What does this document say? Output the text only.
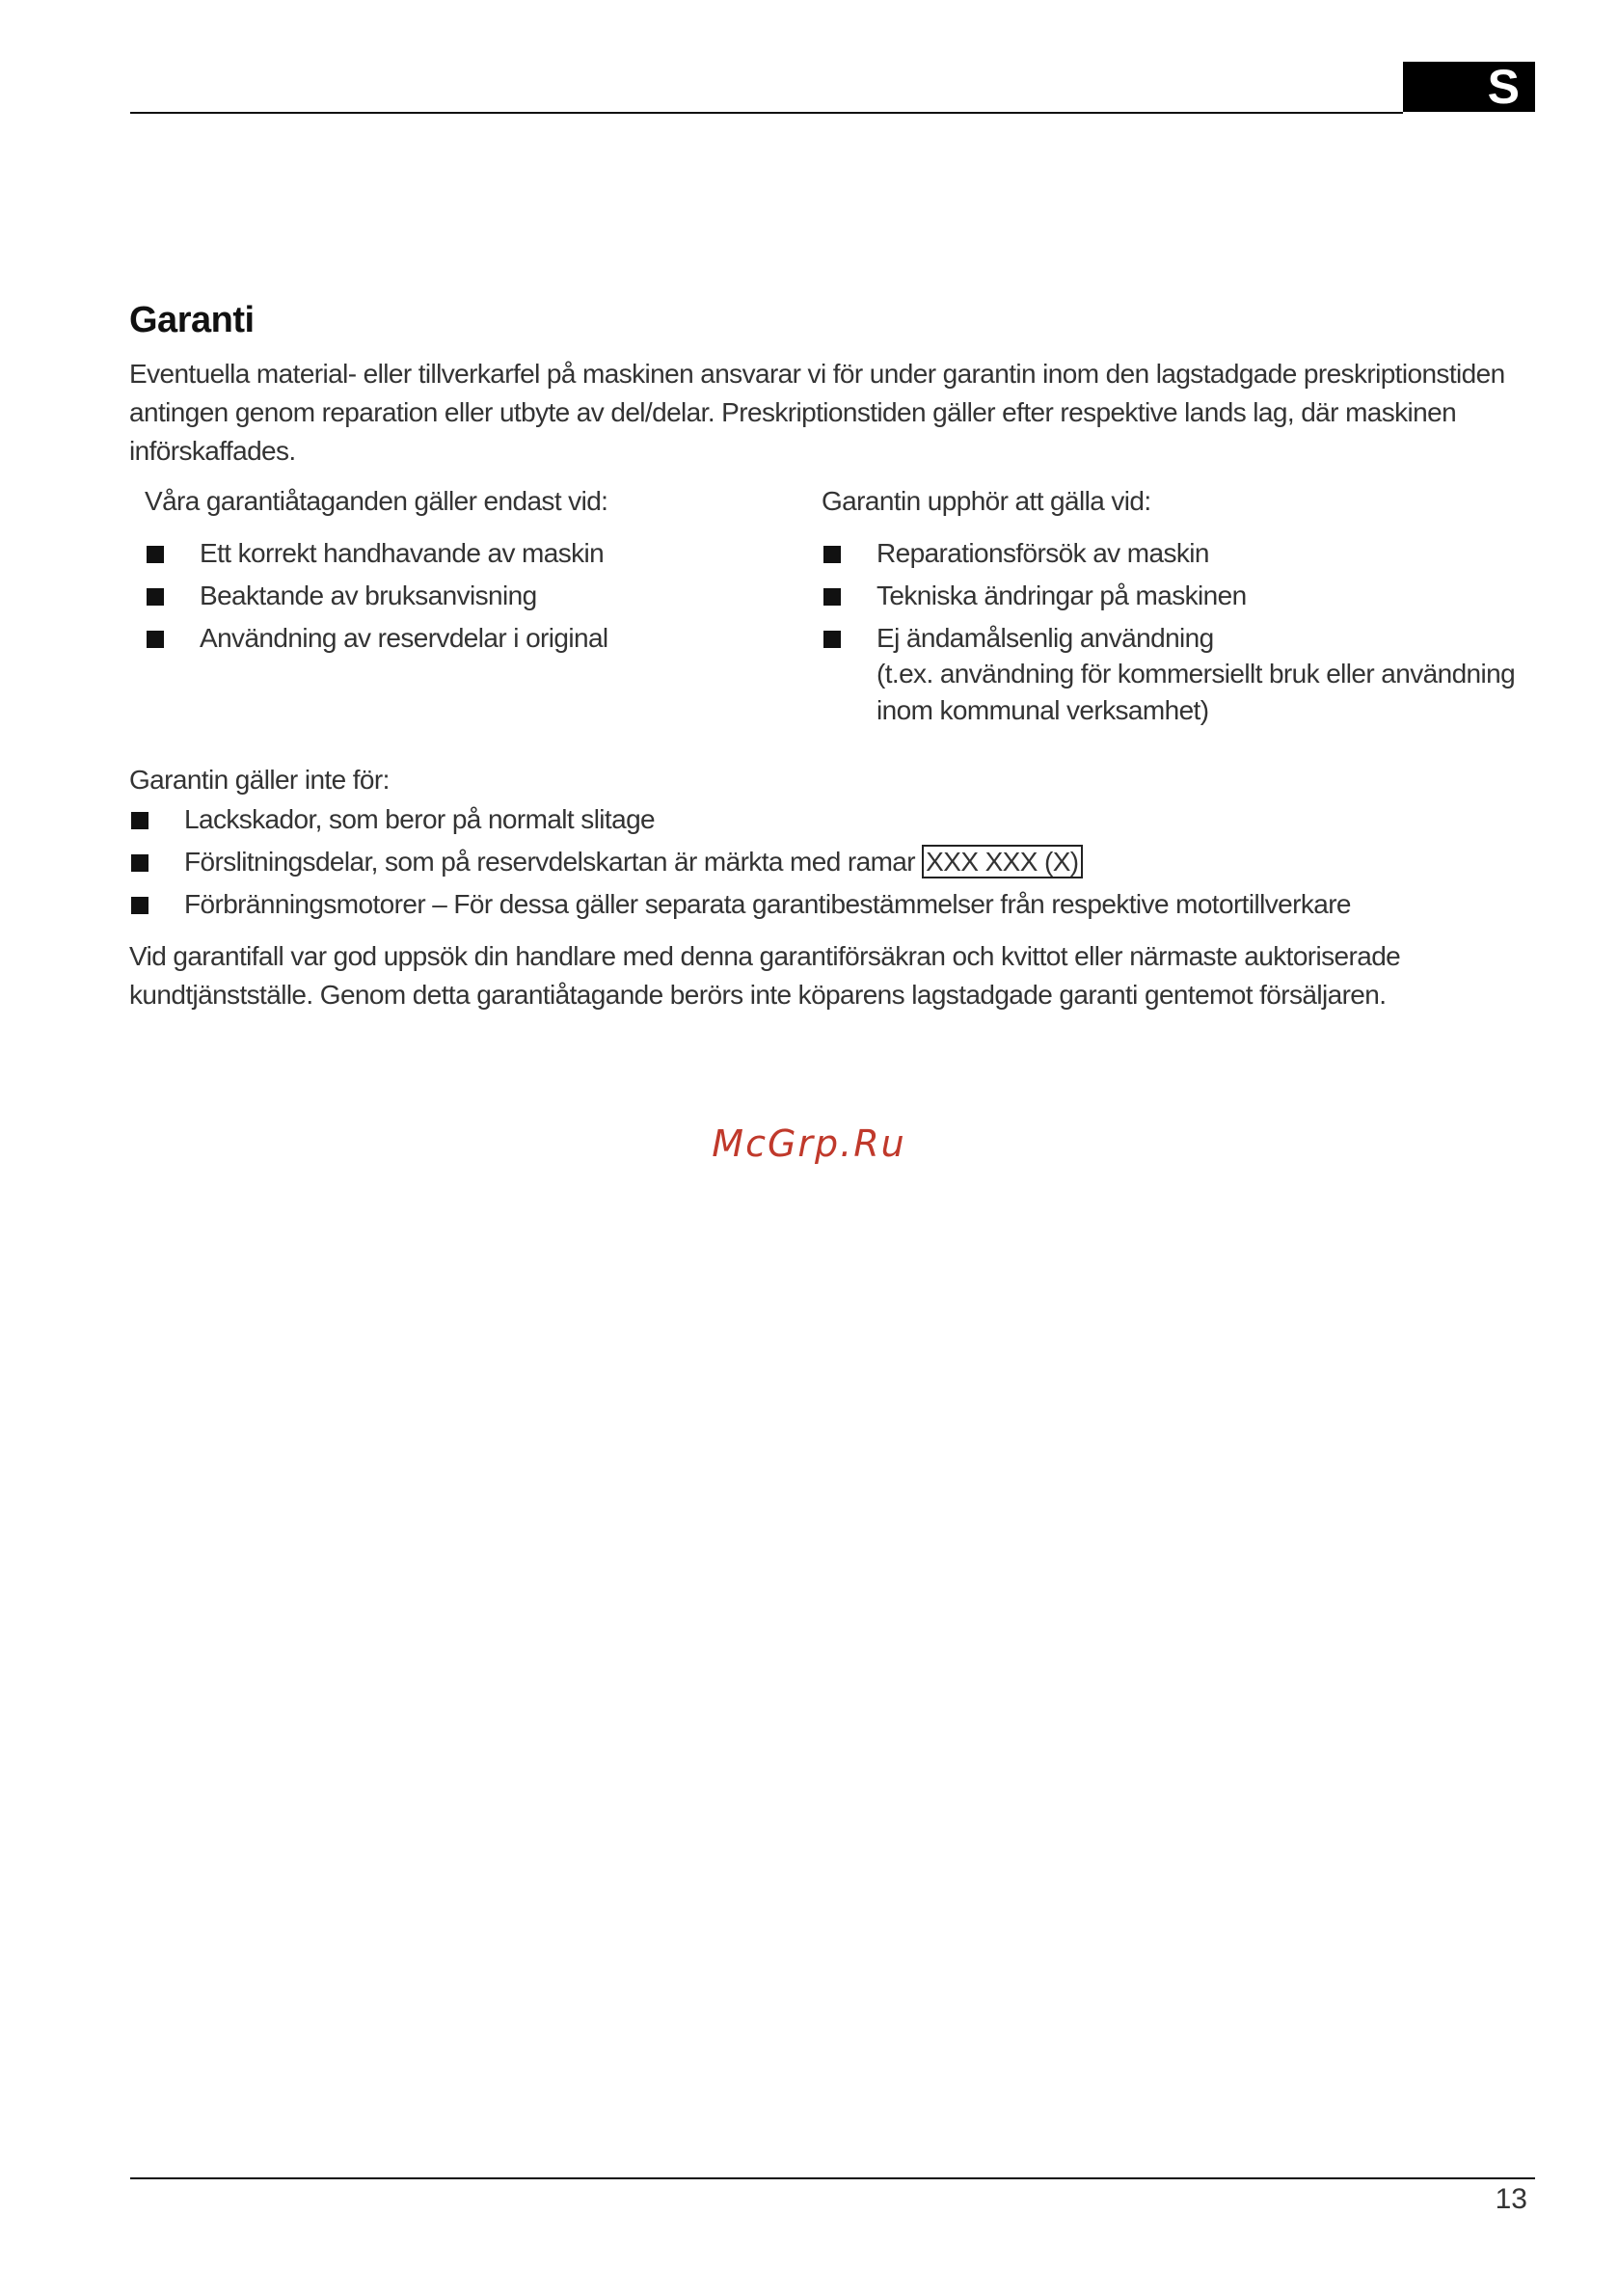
S
Garanti

Eventuella material- eller tillverkarfel på maskinen ansvarar vi för under garantin inom den lagstadgade preskriptionstiden antingen genom reparation eller utbyte av del/delar. Preskriptionstiden gäller efter respektive lands lag, där maskinen införskaffades.

Våra garantiåtaganden gäller endast vid:
Ett korrekt handhavande av maskin
Beaktande av bruksanvisning
Användning av reservdelar i original
Garantin upphör att gälla vid:
Reparationsförsök av maskin
Tekniska ändringar på maskinen
Ej ändamålsenlig användning
(t.ex. användning för kommersiellt bruk eller användning inom kommunal verksamhet)
Garantin gäller inte för:
Lackskador, som beror på normalt slitage
Förslitningsdelar, som på reservdelskartan är märkta med ramar XXX XXX (X)
Förbränningsmotorer – För dessa gäller separata garantibestämmelser från respektive motortillverkare

Vid garantifall var god uppsök din handlare med denna garantiförsäkran och kvittot eller närmaste auktoriserade kundtjänstställe. Genom detta garantiåtagande berörs inte köparens lagstadgade garanti gentemot försäljaren.

McGrp.Ru
13
